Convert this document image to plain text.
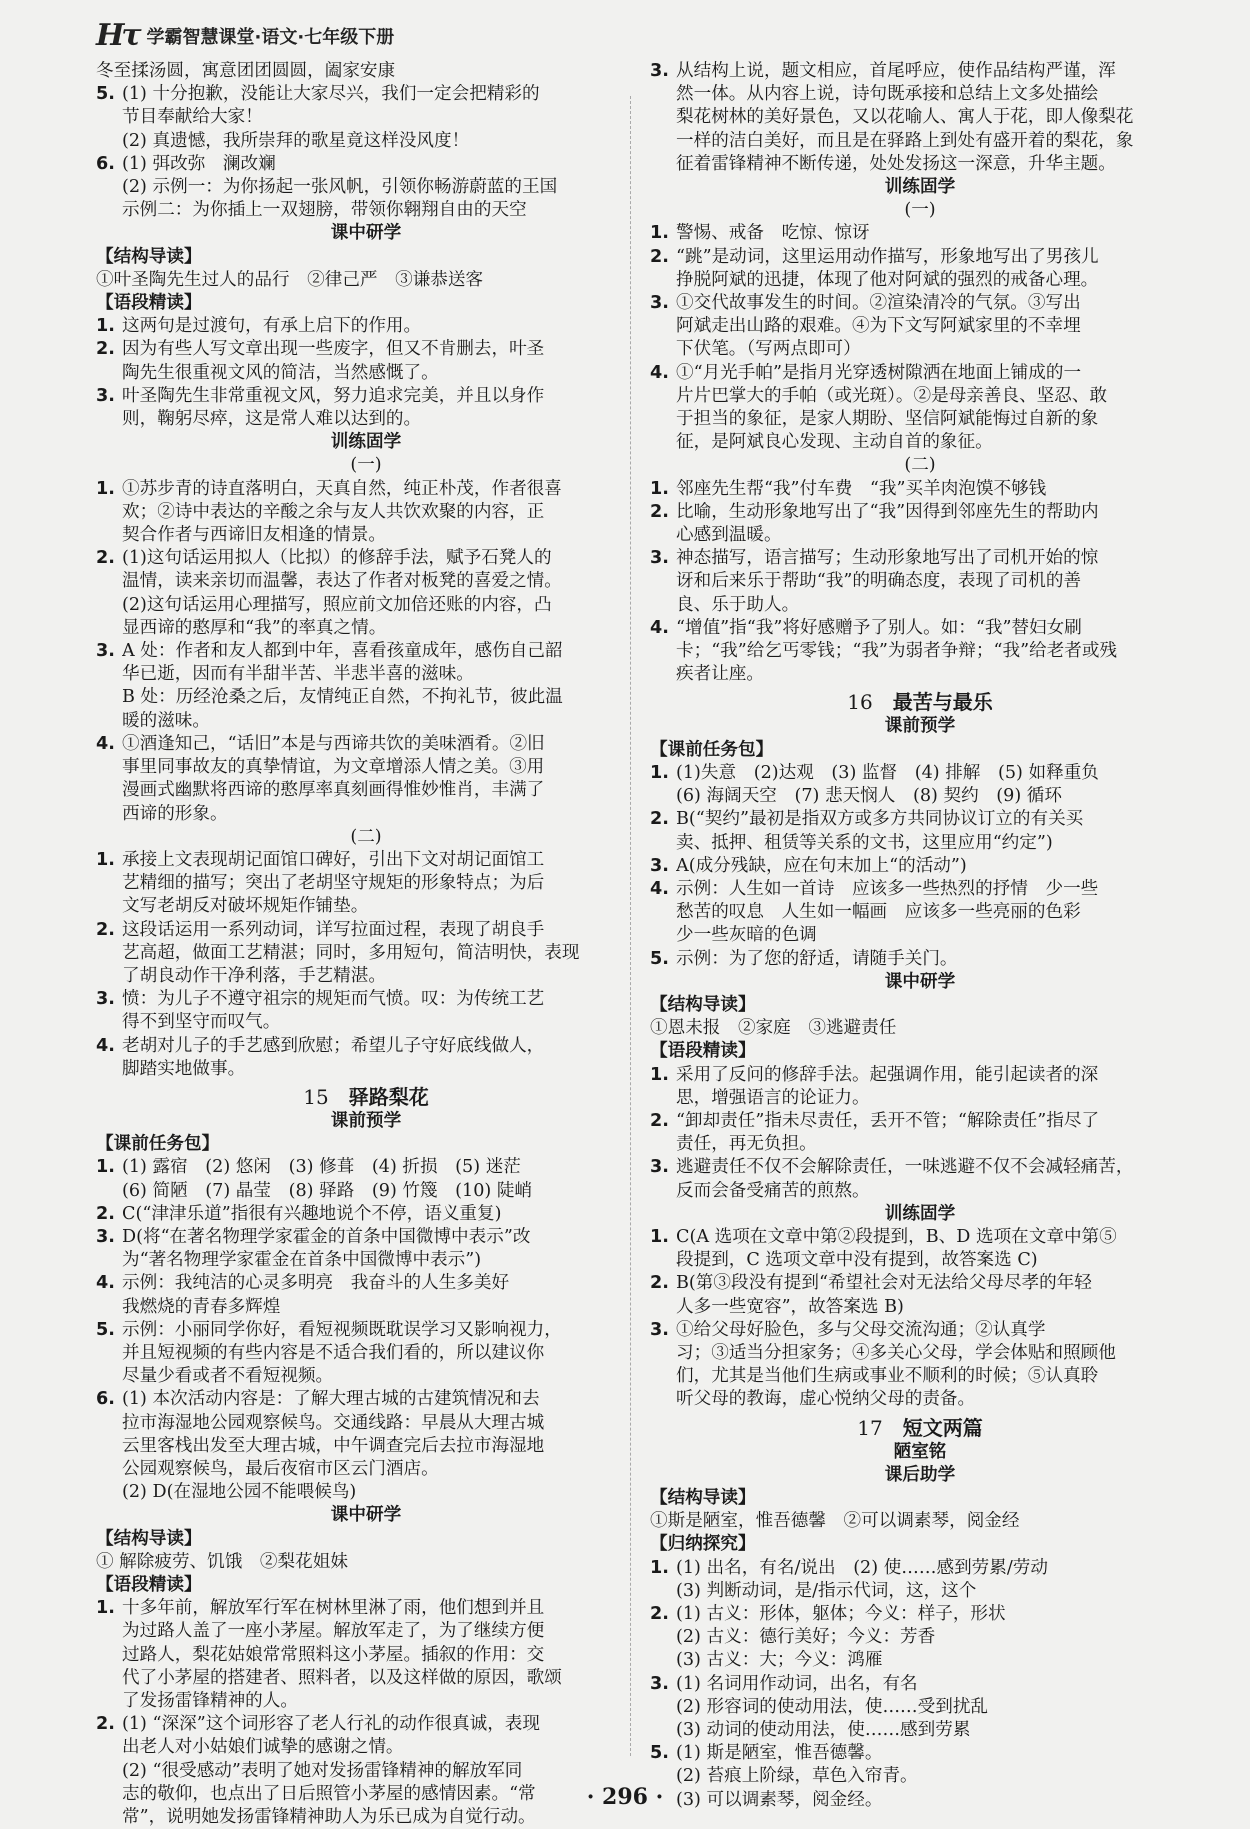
Hτ 学霸智慧课堂·语文·七年级下册

冬至揉汤圆，寓意团团圆圆，阖家安康

5. (1) 十分抱歉，没能让大家尽兴，我们一定会把精彩的

节目奉献给大家！

(2) 真遗憾，我所崇拜的歌星竟这样没风度！

6. (1) 弭改弥　澜改斓

(2) 示例一：为你扬起一张风帆，引领你畅游蔚蓝的王国

示例二：为你插上一双翅膀，带领你翱翔自由的天空

课中研学

【结构导读】

①叶圣陶先生过人的品行　②律己严　③谦恭送客

【语段精读】

1. 这两句是过渡句，有承上启下的作用。

2. 因为有些人写文章出现一些废字，但又不肯删去，叶圣

陶先生很重视文风的简洁，当然感慨了。

3. 叶圣陶先生非常重视文风，努力追求完美，并且以身作

则，鞠躬尽瘁，这是常人难以达到的。

训练固学

(一)

1. ①苏步青的诗直落明白，天真自然，纯正朴茂，作者很喜

欢；②诗中表达的辛酸之余与友人共饮欢聚的内容，正

契合作者与西谛旧友相逢的情景。

2. (1)这句话运用拟人（比拟）的修辞手法，赋予石凳人的

温情，读来亲切而温馨，表达了作者对板凳的喜爱之情。

(2)这句话运用心理描写，照应前文加倍还账的内容，凸

显西谛的憨厚和“我”的率真之情。

3. A 处：作者和友人都到中年，喜看孩童成年，感伤自己韶

华已逝，因而有半甜半苦、半悲半喜的滋味。

B 处：历经沧桑之后，友情纯正自然，不拘礼节，彼此温

暖的滋味。

4. ①酒逢知己，“话旧”本是与西谛共饮的美味酒肴。②旧

事里同事故友的真挚情谊，为文章增添人情之美。③用

漫画式幽默将西谛的憨厚率真刻画得惟妙惟肖，丰满了

西谛的形象。

(二)

1. 承接上文表现胡记面馆口碑好，引出下文对胡记面馆工

艺精细的描写；突出了老胡坚守规矩的形象特点；为后

文写老胡反对破坏规矩作铺垫。

2. 这段话运用一系列动词，详写拉面过程，表现了胡良手

艺高超，做面工艺精湛；同时，多用短句，简洁明快，表现

了胡良动作干净利落，手艺精湛。

3. 愤：为儿子不遵守祖宗的规矩而气愤。叹：为传统工艺

得不到坚守而叹气。

4. 老胡对儿子的手艺感到欣慰；希望儿子守好底线做人，

脚踏实地做事。

15 驿路梨花

课前预学

【课前任务包】

1. (1) 露宿　(2) 悠闲　(3) 修葺　(4) 折损　(5) 迷茫

(6) 简陋　(7) 晶莹　(8) 驿路　(9) 竹篾　(10) 陡峭

2. C(“津津乐道”指很有兴趣地说个不停，语义重复)

3. D(将“在著名物理学家霍金的首条中国微博中表示”改

为“著名物理学家霍金在首条中国微博中表示”)

4. 示例：我纯洁的心灵多明亮　我奋斗的人生多美好

我燃烧的青春多辉煌

5. 示例：小丽同学你好，看短视频既耽误学习又影响视力，

并且短视频的有些内容是不适合我们看的，所以建议你

尽量少看或者不看短视频。

6. (1) 本次活动内容是：了解大理古城的古建筑情况和去

拉市海湿地公园观察候鸟。交通线路：早晨从大理古城

云里客栈出发至大理古城，中午调查完后去拉市海湿地

公园观察候鸟，最后夜宿市区云门酒店。

(2) D(在湿地公园不能喂候鸟)

课中研学

【结构导读】

① 解除疲劳、饥饿　②梨花姐妹

【语段精读】

1. 十多年前，解放军行军在树林里淋了雨，他们想到并且

为过路人盖了一座小茅屋。解放军走了，为了继续方便

过路人，梨花姑娘常常照料这小茅屋。插叙的作用：交

代了小茅屋的搭建者、照料者，以及这样做的原因，歌颂

了发扬雷锋精神的人。

2. (1) “深深”这个词形容了老人行礼的动作很真诚，表现

出老人对小姑娘们诚挚的感谢之情。

(2) “很受感动”表明了她对发扬雷锋精神的解放军同

志的敬仰，也点出了日后照管小茅屋的感情因素。“常

常”，说明她发扬雷锋精神助人为乐已成为自觉行动。

3. 从结构上说，题文相应，首尾呼应，使作品结构严谨，浑

然一体。从内容上说，诗句既承接和总结上文多处描绘

梨花树林的美好景色，又以花喻人、寓人于花，即人像梨花

一样的洁白美好，而且是在驿路上到处有盛开着的梨花，象

征着雷锋精神不断传递，处处发扬这一深意，升华主题。

训练固学

(一)

1. 警惕、戒备　吃惊、惊讶

2. “跳”是动词，这里运用动作描写，形象地写出了男孩儿

挣脱阿斌的迅捷，体现了他对阿斌的强烈的戒备心理。

3. ①交代故事发生的时间。②渲染清冷的气氛。③写出

阿斌走出山路的艰难。④为下文写阿斌家里的不幸埋

下伏笔。（写两点即可）

4. ①“月光手帕”是指月光穿透树隙洒在地面上铺成的一

片片巴掌大的手帕（或光斑）。②是母亲善良、坚忍、敢

于担当的象征，是家人期盼、坚信阿斌能悔过自新的象

征，是阿斌良心发现、主动自首的象征。

(二)

1. 邻座先生帮“我”付车费　“我”买羊肉泡馍不够钱

2. 比喻，生动形象地写出了“我”因得到邻座先生的帮助内

心感到温暖。

3. 神态描写，语言描写；生动形象地写出了司机开始的惊

讶和后来乐于帮助“我”的明确态度，表现了司机的善

良、乐于助人。

4. “增值”指“我”将好感赠予了别人。如：“我”替妇女刷

卡；“我”给乞丐零钱；“我”为弱者争辩；“我”给老者或残

疾者让座。

16 最苦与最乐

课前预学

【课前任务包】

1. (1)失意　(2)达观　(3) 监督　(4) 排解　(5) 如释重负

(6) 海阔天空　(7) 悲天悯人　(8) 契约　(9) 循环

2. B(“契约”最初是指双方或多方共同协议订立的有关买

卖、抵押、租赁等关系的文书，这里应用“约定”)

3. A(成分残缺，应在句末加上“的活动”)

4. 示例：人生如一首诗　应该多一些热烈的抒情　少一些

愁苦的叹息　人生如一幅画　应该多一些亮丽的色彩

少一些灰暗的色调

5. 示例：为了您的舒适，请随手关门。

课中研学

【结构导读】

①恩未报　②家庭　③逃避责任

【语段精读】

1. 采用了反问的修辞手法。起强调作用，能引起读者的深

思，增强语言的论证力。

2. “卸却责任”指未尽责任，丢开不管；“解除责任”指尽了

责任，再无负担。

3. 逃避责任不仅不会解除责任，一味逃避不仅不会减轻痛苦，

反而会备受痛苦的煎熬。

训练固学

1. C(A 选项在文章中第②段提到，B、D 选项在文章中第⑤

段提到，C 选项文章中没有提到，故答案选 C)

2. B(第③段没有提到“希望社会对无法给父母尽孝的年轻

人多一些宽容”，故答案选 B)

3. ①给父母好脸色，多与父母交流沟通；②认真学

习；③适当分担家务；④多关心父母，学会体贴和照顾他

们，尤其是当他们生病或事业不顺利的时候；⑤认真聆

听父母的教诲，虚心悦纳父母的责备。

17 短文两篇

陋室铭

课后助学

【结构导读】

①斯是陋室，惟吾德馨　②可以调素琴，阅金经

【归纳探究】

1. (1) 出名，有名/说出　(2) 使……感到劳累/劳动

(3) 判断动词，是/指示代词，这，这个

2. (1) 古义：形体，躯体；今义：样子，形状

(2) 古义：德行美好；今义：芳香

(3) 古义：大；今义：鸿雁

3. (1) 名词用作动词，出名，有名

(2) 形容词的使动用法，使……受到扰乱

(3) 动词的使动用法，使……感到劳累

5. (1) 斯是陋室，惟吾德馨。

(2) 苔痕上阶绿，草色入帘青。

(3) 可以调素琴，阅金经。

· 296 ·
